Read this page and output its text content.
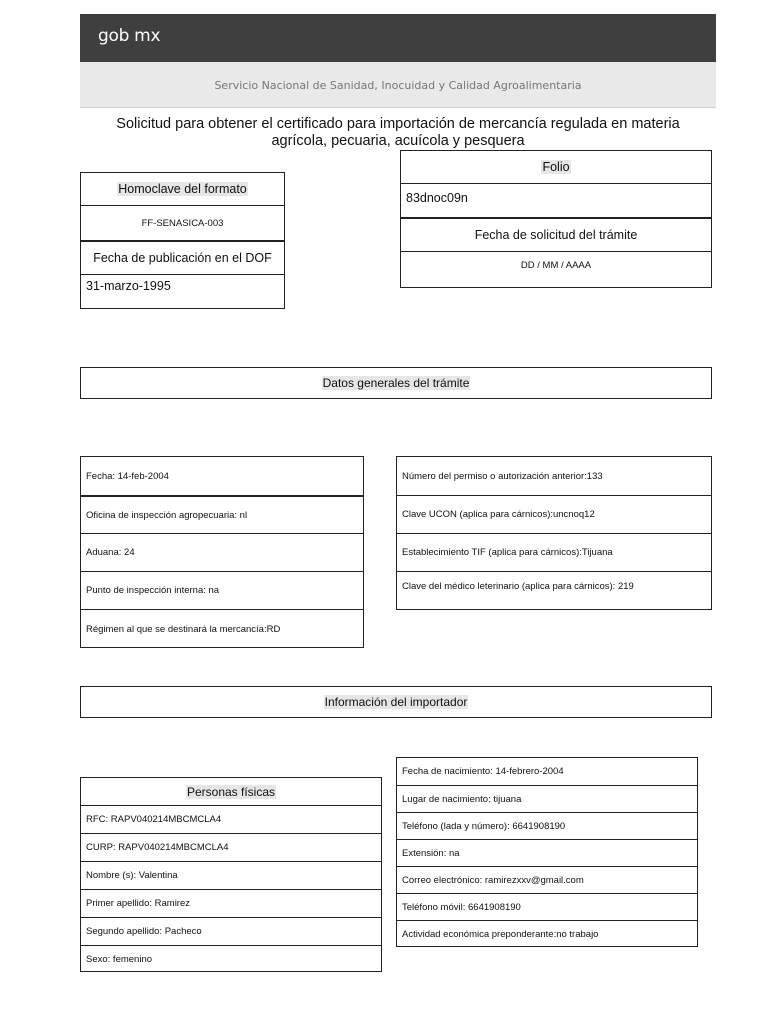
gob mx
Servicio Nacional de Sanidad, Inocuidad y Calidad Agroalimentaria
Solicitud para obtener el certificado para importación de mercancía regulada en materia
agrícola, pecuaria, acuícola y pesquera
Homoclave del formato
FF-SENASICA-003
Fecha de publicación en el DOF
31-marzo-1995
Folio
83dnoc09n
Fecha de solicitud del trámite
DD / MM / AAAA
Datos generales del trámite
Fecha: 14-feb-2004
Oficina de inspección agropecuaria: nl
Aduana: 24
Punto de inspección interna: na
Régimen al que se destinará la mercancía:RD
Número del permiso o autorización anterior:133
Clave UCON (aplica para cárnicos):uncnoq12
Establecimiento TIF (aplica para cárnicos):Tijuana
Clave del médico leterinario (aplica para cárnicos): 219
Información del importador
Personas físicas
RFC: RAPV040214MBCMCLA4
CURP: RAPV040214MBCMCLA4
Nombre (s): Valentina
Primer apellido: Ramirez
Segundo apellido: Pacheco
Sexo: femenino
Fecha de nacimiento: 14-febrero-2004
Lugar de nacimiento: tijuana
Teléfono (lada y número): 6641908190
Extensión: na
Correo electrónico: ramirezxxv@gmail.com
Teléfono móvil: 6641908190
Actividad económica preponderante:no trabajo
